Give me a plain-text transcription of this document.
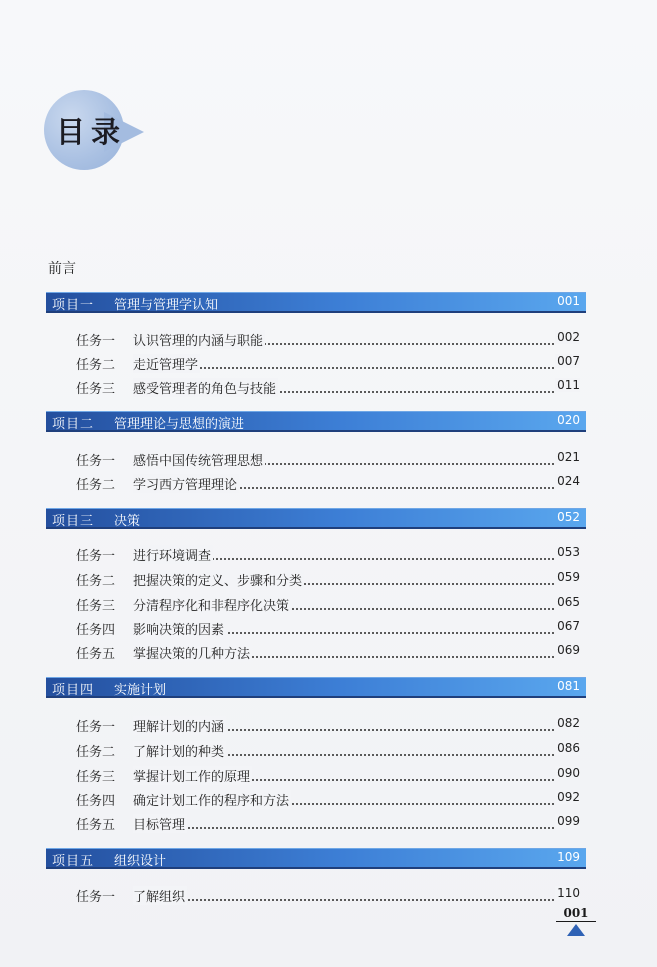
目录
前言
项目一 管理与管理学认知	001
任务一 认识管理的内涵与职能	002
任务二 走近管理学	007
任务三 感受管理者的角色与技能	011
项目二 管理理论与思想的演进	020
任务一 感悟中国传统管理思想	021
任务二 学习西方管理理论	024
项目三 决策	052
任务一 进行环境调查	053
任务二 把握决策的定义、步骤和分类	059
任务三 分清程序化和非程序化决策	065
任务四 影响决策的因素	067
任务五 掌握决策的几种方法	069
项目四 实施计划	081
任务一 理解计划的内涵	082
任务二 了解计划的种类	086
任务三 掌握计划工作的原理	090
任务四 确定计划工作的程序和方法	092
任务五 目标管理	099
项目五 组织设计	109
任务一 了解组织	110
001
